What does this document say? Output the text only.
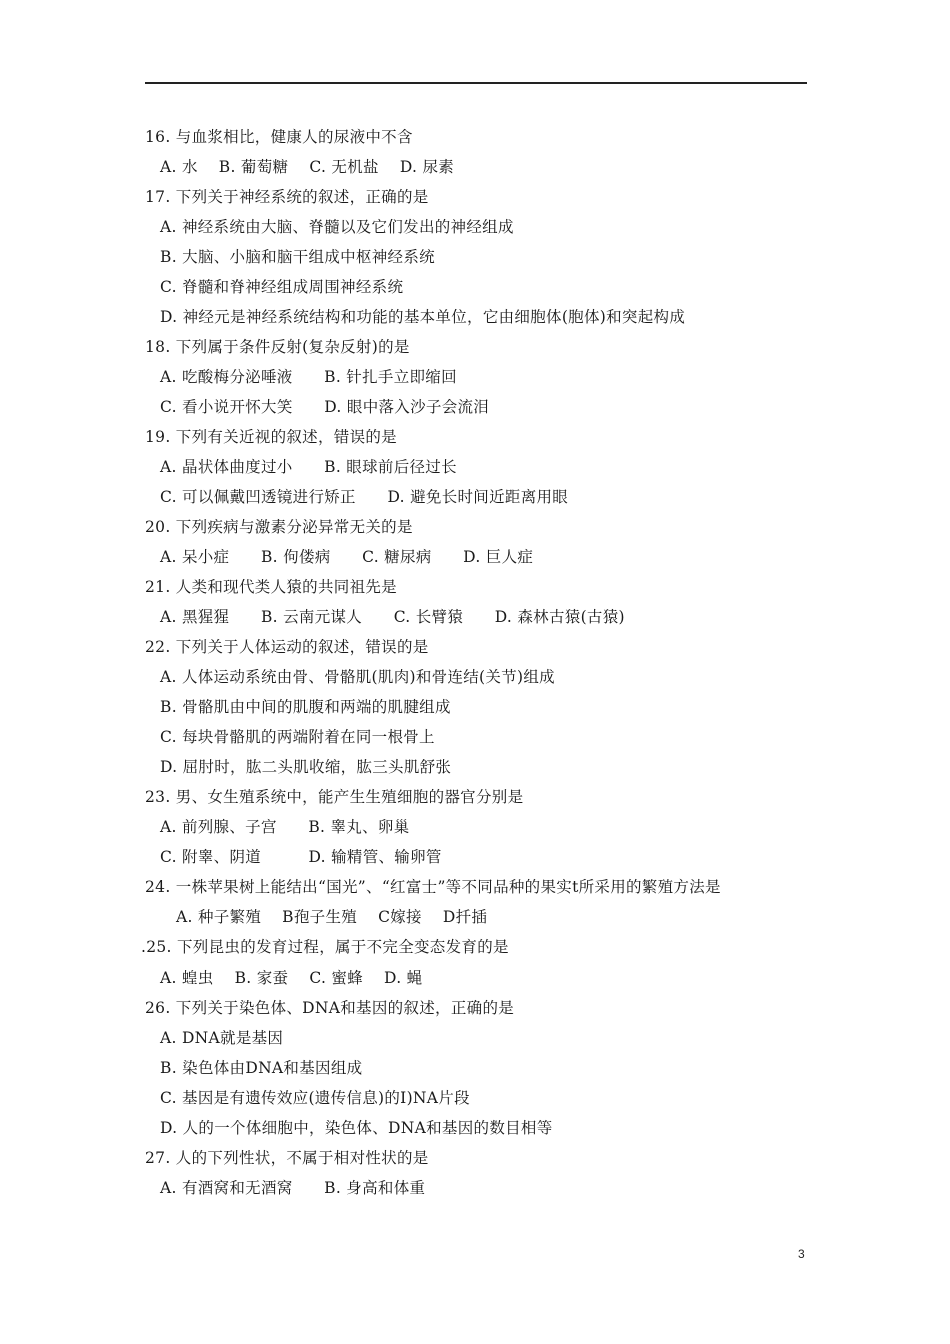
16. 与血浆相比，健康人的尿液中不含
A. 水　 B. 葡萄糖　 C. 无机盐　 D. 尿素
17. 下列关于神经系统的叙述，正确的是
A. 神经系统由大脑、脊髓以及它们发出的神经组成
B. 大脑、小脑和脑干组成中枢神经系统
C. 脊髓和脊神经组成周围神经系统
D. 神经元是神经系统结构和功能的基本单位，它由细胞体(胞体)和突起构成
18. 下列属于条件反射(复杂反射)的是
A. 吃酸梅分泌唾液　　B. 针扎手立即缩回
C. 看小说开怀大笑　　D. 眼中落入沙子会流泪
19. 下列有关近视的叙述，错误的是
A. 晶状体曲度过小　　B. 眼球前后径过长
C. 可以佩戴凹透镜进行矫正　　D. 避免长时间近距离用眼
20. 下列疾病与激素分泌异常无关的是
A. 呆小症　　B. 佝偻病　　C. 糖尿病　　D. 巨人症
21. 人类和现代类人猿的共同祖先是
A. 黑猩猩　　B. 云南元谋人　　C. 长臂猿　　D. 森林古猿(古猿)
22. 下列关于人体运动的叙述，错误的是
A. 人体运动系统由骨、骨骼肌(肌肉)和骨连结(关节)组成
B. 骨骼肌由中间的肌腹和两端的肌腱组成
C. 每块骨骼肌的两端附着在同一根骨上
D. 屈肘时，肱二头肌收缩，肱三头肌舒张
23. 男、女生殖系统中，能产生生殖细胞的器官分别是
A. 前列腺、子宫　　B. 睾丸、卵巢
C. 附睾、阴道　　　D. 输精管、输卵管
24. 一株苹果树上能结出“国光”、“红富士”等不同品种的果实t所采用的繁殖方法是
A. 种子繁殖　 B孢子生殖　 C嫁接　 D扦插
.25. 下列昆虫的发育过程，属于不完全变态发育的是
A. 蝗虫　 B. 家蚕　 C. 蜜蜂　 D. 蝇
26. 下列关于染色体、DNA和基因的叙述，正确的是
A. DNA就是基因
B. 染色体由DNA和基因组成
C. 基因是有遗传效应(遗传信息)的I)NA片段
D. 人的一个体细胞中，染色体、DNA和基因的数目相等
27. 人的下列性状，不属于相对性状的是
A. 有酒窝和无酒窝　　B. 身高和体重
3
